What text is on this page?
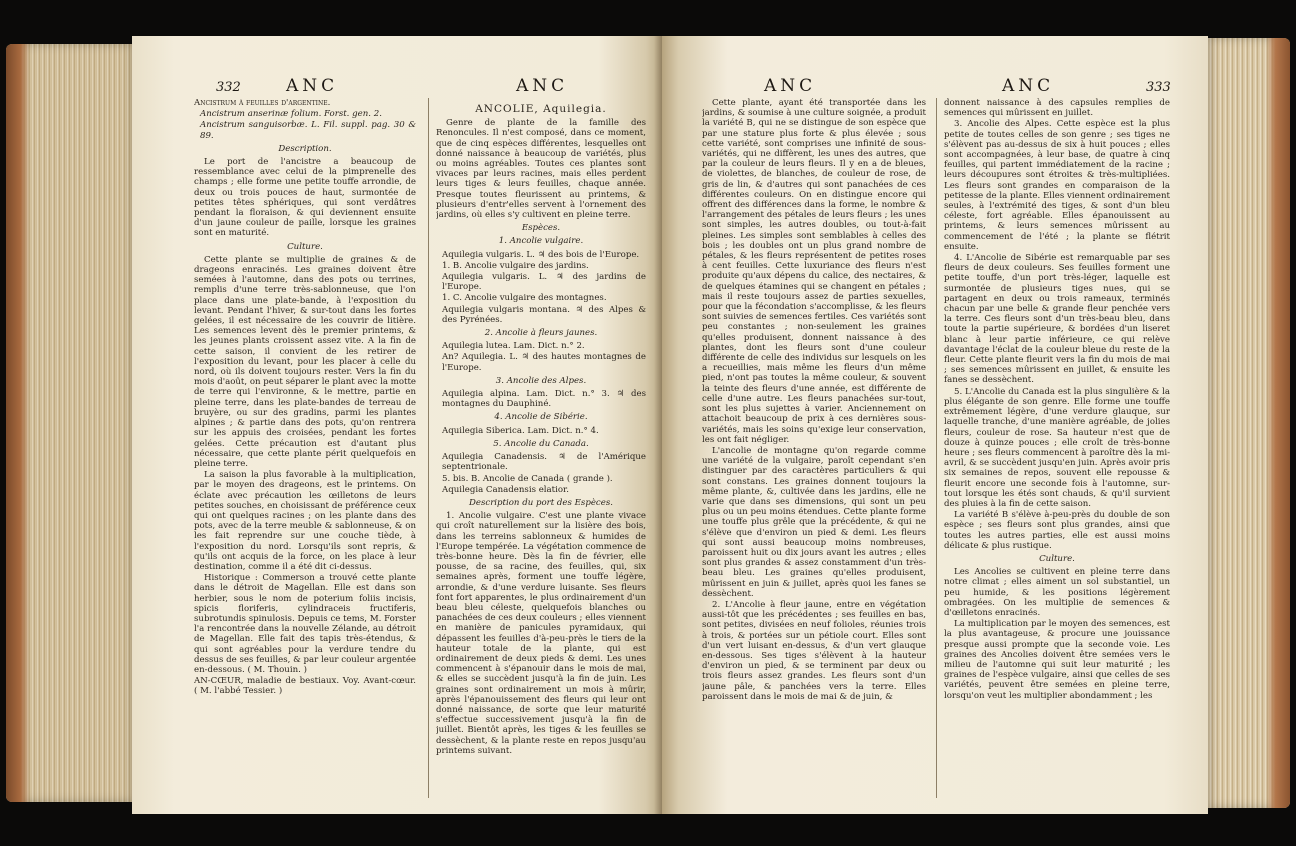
332	ANC	ANC

Ancistrum à feuilles d'argentine.

Ancistrum anserinæ folium. Forst. gen. 2.

Ancistrum sanguisorbæ. L. Fil. suppl. pag. 30 & 89.

Description.

Le port de l'ancistre a beaucoup de ressemblance avec celui de la pimprenelle des champs ; elle forme une petite touffe arrondie, de deux ou trois pouces de haut, surmontée de petites têtes sphériques, qui sont verdâtres pendant la floraison, & qui deviennent ensuite d'un jaune couleur de paille, lorsque les graines sont en maturité.

Culture.

Cette plante se multiplie de graines & de drageons enracinés. Les graines doivent être semées à l'automne, dans des pots ou terrines, remplis d'une terre très-sablonneuse, que l'on place dans une plate-bande, à l'exposition du levant. Pendant l'hiver, & sur-tout dans les fortes gelées, il est nécessaire de les couvrir de litière. Les semences levent dès le premier printems, & les jeunes plants croissent assez vite. A la fin de cette saison, il convient de les retirer de l'exposition du levant, pour les placer à celle du nord, où ils doivent toujours rester. Vers la fin du mois d'août, on peut séparer le plant avec la motte de terre qui l'environne, & le mettre, partie en pleine terre, dans les plate-bandes de terreau de bruyère, ou sur des gradins, parmi les plantes alpines ; & partie dans des pots, qu'on rentrera sur les appuis des croisées, pendant les fortes gelées. Cette précaution est d'autant plus nécessaire, que cette plante périt quelquefois en pleine terre.

La saison la plus favorable à la multiplication, par le moyen des drageons, est le printems. On éclate avec précaution les œilletons de leurs petites souches, en choisissant de préférence ceux qui ont quelques racines ; on les plante dans des pots, avec de la terre meuble & sablonneuse, & on les fait reprendre sur une couche tiède, à l'exposition du nord. Lorsqu'ils sont repris, & qu'ils ont acquis de la force, on les place à leur destination, comme il a été dit ci-dessus.

Historique : Commerson a trouvé cette plante dans le détroit de Magellan. Elle est dans son herbier, sous le nom de poterium foliis incisis, spicis floriferis, cylindraceis fructiferis, subrotundis spinulosis. Depuis ce tems, M. Forster l'a rencontrée dans la nouvelle Zélande, au détroit de Magellan. Elle fait des tapis très-étendus, & qui sont agréables pour la verdure tendre du dessus de ses feuilles, & par leur couleur argentée en-dessous. ( M. Thouin. )

AN-CŒUR, maladie de bestiaux. Voy. Avant-cœur. ( M. l'abbé Tessier. )

ANCOLIE, Aquilegia.

Genre de plante de la famille des Renoncules. Il n'est composé, dans ce moment, que de cinq espèces différentes, lesquelles ont donné naissance à beaucoup de variétés, plus ou moins agréables. Toutes ces plantes sont vivaces par leurs racines, mais elles perdent leurs tiges & leurs feuilles, chaque année. Presque toutes fleurissent au printems, & plusieurs d'entr'elles servent à l'ornement des jardins, où elles s'y cultivent en pleine terre.

Espèces.

1. Ancolie vulgaire.

Aquilegia vulgaris. L. ♃ des bois de l'Europe.

1. B. Ancolie vulgaire des jardins.

Aquilegia vulgaris. L. ♃ des jardins de l'Europe.

1. C. Ancolie vulgaire des montagnes.

Aquilegia vulgaris montana. ♃ des Alpes & des Pyrénées.

2. Ancolie à fleurs jaunes.

Aquilegia lutea. Lam. Dict. n.° 2.

An? Aquilegia. L. ♃ des hautes montagnes de l'Europe.

3. Ancolie des Alpes.

Aquilegia alpina. Lam. Dict. n.° 3. ♃ des montagnes du Dauphiné.

4. Ancolie de Sibérie.

Aquilegia Siberica. Lam. Dict. n.° 4.

5. Ancolie du Canada.

Aquilegia Canadensis. ♃ de l'Amérique septentrionale.

5. bis. B. Ancolie de Canada ( grande ).

Aquilegia Canadensis elatior.

Description du port des Espèces.

1. Ancolie vulgaire. C'est une plante vivace qui croît naturellement sur la lisière des bois, dans les terreins sablonneux & humides de l'Europe tempérée. La végétation commence de très-bonne heure. Dès la fin de février, elle pousse, de sa racine, des feuilles, qui, six semaines après, forment une touffe légère, arrondie, & d'une verdure luisante. Ses fleurs font fort apparentes, le plus ordinairement d'un beau bleu céleste, quelquefois blanches ou panachées de ces deux couleurs ; elles viennent en manière de panicules pyramidaux, qui dépassent les feuilles d'à-peu-près le tiers de la hauteur totale de la plante, qui est ordinairement de deux pieds & demi. Les unes commencent à s'épanouir dans le mois de mai, & elles se succèdent jusqu'à la fin de juin. Les graines sont ordinairement un mois à mûrir, après l'épanouissement des fleurs qui leur ont donné naissance, de sorte que leur maturité s'effectue successivement jusqu'à la fin de juillet. Bientôt après, les tiges & les feuilles se dessèchent, & la plante reste en repos jusqu'au printems suivant.

ANC	ANC	333

Cette plante, ayant été transportée dans les jardins, & soumise à une culture soignée, a produit la variété B, qui ne se distingue de son espèce que par une stature plus forte & plus élevée ; sous cette variété, sont comprises une infinité de sous-variétés, qui ne diffèrent, les unes des autres, que par la couleur de leurs fleurs. Il y en a de bleues, de violettes, de blanches, de couleur de rose, de gris de lin, & d'autres qui sont panachées de ces différentes couleurs. On en distingue encore qui offrent des différences dans la forme, le nombre & l'arrangement des pétales de leurs fleurs ; les unes sont simples, les autres doubles, ou tout-à-fait pleines. Les simples sont semblables à celles des bois ; les doubles ont un plus grand nombre de pétales, & les fleurs représentent de petites roses à cent feuilles. Cette luxuriance des fleurs n'est produite qu'aux dépens du calice, des nectaires, & de quelques étamines qui se changent en pétales ; mais il reste toujours assez de parties sexuelles, pour que la fécondation s'accomplisse, & les fleurs sont suivies de semences fertiles. Ces variétés sont peu constantes ; non-seulement les graines qu'elles produisent, donnent naissance à des plantes, dont les fleurs sont d'une couleur différente de celle des individus sur lesquels on les a recueillies, mais même les fleurs d'un même pied, n'ont pas toutes la même couleur, & souvent la teinte des fleurs d'une année, est différente de celle d'une autre. Les fleurs panachées sur-tout, sont les plus sujettes à varier. Anciennement on attachoit beaucoup de prix à ces dernières sous-variétés, mais les soins qu'exige leur conservation, les ont fait négliger.

L'ancolie de montagne qu'on regarde comme une variété de la vulgaire, paroît cependant s'en distinguer par des caractères particuliers & qui sont constans. Les graines donnent toujours la même plante, &, cultivée dans les jardins, elle ne varie que dans ses dimensions, qui sont un peu plus ou un peu moins étendues. Cette plante forme une touffe plus grêle que la précédente, & qui ne s'élève que d'environ un pied & demi. Les fleurs qui sont aussi beaucoup moins nombreuses, paroissent huit ou dix jours avant les autres ; elles sont plus grandes & assez constamment d'un très-beau bleu. Les graines qu'elles produisent, mûrissent en juin & juillet, après quoi les fanes se dessèchent.

2. L'Ancolie à fleur jaune, entre en végétation aussi-tôt que les précédentes ; ses feuilles en bas, sont petites, divisées en neuf folioles, réunies trois à trois, & portées sur un pétiole court. Elles sont d'un vert luisant en-dessus, & d'un vert glauque en-dessous. Ses tiges s'élèvent à la hauteur d'environ un pied, & se terminent par deux ou trois fleurs assez grandes. Les fleurs sont d'un jaune pâle, & panchées vers la terre. Elles paroissent dans le mois de mai & de juin, &

donnent naissance à des capsules remplies de semences qui mûrissent en juillet.

3. Ancolie des Alpes. Cette espèce est la plus petite de toutes celles de son genre ; ses tiges ne s'élèvent pas au-dessus de six à huit pouces ; elles sont accompagnées, à leur base, de quatre à cinq feuilles, qui partent immédiatement de la racine ; leurs découpures sont étroites & très-multipliées. Les fleurs sont grandes en comparaison de la petitesse de la plante. Elles viennent ordinairement seules, à l'extrémité des tiges, & sont d'un bleu céleste, fort agréable. Elles épanouissent au printems, & leurs semences mûrissent au commencement de l'été ; la plante se flétrit ensuite.

4. L'Ancolie de Sibérie est remarquable par ses fleurs de deux couleurs. Ses feuilles forment une petite touffe, d'un port très-léger, laquelle est surmontée de plusieurs tiges nues, qui se partagent en deux ou trois rameaux, terminés chacun par une belle & grande fleur penchée vers la terre. Ces fleurs sont d'un très-beau bleu, dans toute la partie supérieure, & bordées d'un liseret blanc à leur partie inférieure, ce qui relève davantage l'éclat de la couleur bleue du reste de la fleur. Cette plante fleurit vers la fin du mois de mai ; ses semences mûrissent en juillet, & ensuite les fanes se dessèchent.

5. L'Ancolie du Canada est la plus singulière & la plus élégante de son genre. Elle forme une touffe extrêmement légère, d'une verdure glauque, sur laquelle tranche, d'une manière agréable, de jolies fleurs, couleur de rose. Sa hauteur n'est que de douze à quinze pouces ; elle croît de très-bonne heure ; ses fleurs commencent à paroître dès la mi-avril, & se succèdent jusqu'en juin. Après avoir pris six semaines de repos, souvent elle repousse & fleurit encore une seconde fois à l'automne, sur-tout lorsque les étés sont chauds, & qu'il survient des pluies à la fin de cette saison.

La variété B s'élève à-peu-près du double de son espèce ; ses fleurs sont plus grandes, ainsi que toutes les autres parties, elle est aussi moins délicate & plus rustique.

Culture.

Les Ancolies se cultivent en pleine terre dans notre climat ; elles aiment un sol substantiel, un peu humide, & les positions légèrement ombragées. On les multiplie de semences & d'œilletons enracinés.

La multiplication par le moyen des semences, est la plus avantageuse, & procure une jouissance presque aussi prompte que la seconde voie. Les graines des Ancolies doivent être semées vers le milieu de l'automne qui suit leur maturité ; les graines de l'espèce vulgaire, ainsi que celles de ses variétés, peuvent être semées en pleine terre, lorsqu'on veut les multiplier abondamment ; les
